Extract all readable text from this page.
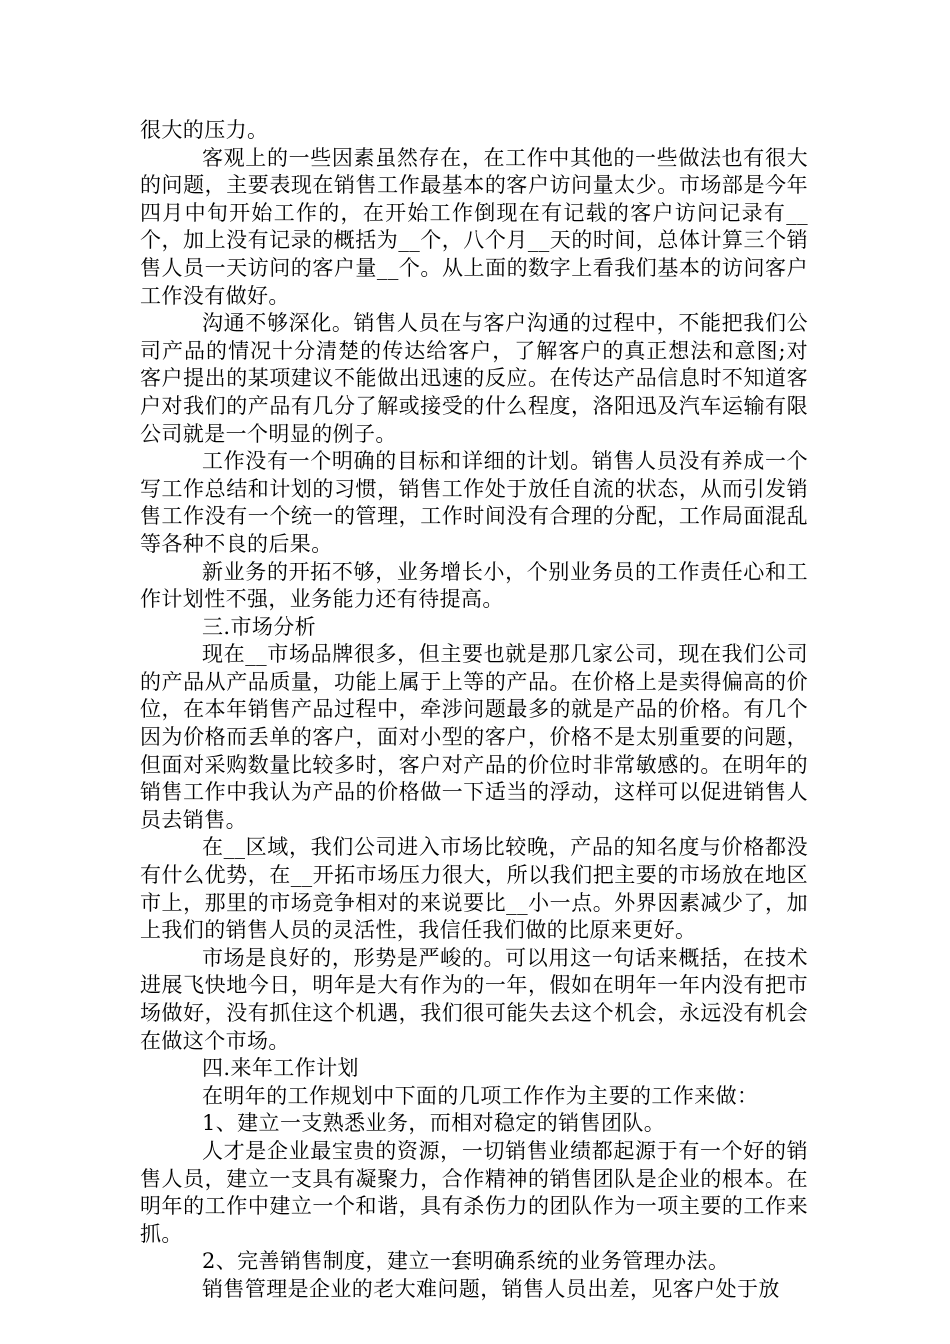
很大的压力。

客观上的一些因素虽然存在，在工作中其他的一些做法也有很大的问题，主要表现在销售工作最基本的客户访问量太少。市场部是今年四月中旬开始工作的，在开始工作倒现在有记载的客户访问记录有__个，加上没有记录的概括为__个，八个月__天的时间，总体计算三个销售人员一天访问的客户量__个。从上面的数字上看我们基本的访问客户工作没有做好。

沟通不够深化。销售人员在与客户沟通的过程中，不能把我们公司产品的情况十分清楚的传达给客户，了解客户的真正想法和意图;对客户提出的某项建议不能做出迅速的反应。在传达产品信息时不知道客户对我们的产品有几分了解或接受的什么程度，洛阳迅及汽车运输有限公司就是一个明显的例子。

工作没有一个明确的目标和详细的计划。销售人员没有养成一个写工作总结和计划的习惯，销售工作处于放任自流的状态，从而引发销售工作没有一个统一的管理，工作时间没有合理的分配，工作局面混乱等各种不良的后果。

新业务的开拓不够，业务增长小，个别业务员的工作责任心和工作计划性不强，业务能力还有待提高。

三.市场分析

现在__市场品牌很多，但主要也就是那几家公司，现在我们公司的产品从产品质量，功能上属于上等的产品。在价格上是卖得偏高的价位，在本年销售产品过程中，牵涉问题最多的就是产品的价格。有几个因为价格而丢单的客户，面对小型的客户，价格不是太别重要的问题，但面对采购数量比较多时，客户对产品的价位时非常敏感的。在明年的销售工作中我认为产品的价格做一下适当的浮动，这样可以促进销售人员去销售。

在__区域，我们公司进入市场比较晚，产品的知名度与价格都没有什么优势，在__开拓市场压力很大，所以我们把主要的市场放在地区市上，那里的市场竞争相对的来说要比__小一点。外界因素减少了，加上我们的销售人员的灵活性，我信任我们做的比原来更好。

市场是良好的，形势是严峻的。可以用这一句话来概括，在技术进展飞快地今日，明年是大有作为的一年，假如在明年一年内没有把市场做好，没有抓住这个机遇，我们很可能失去这个机会，永远没有机会在做这个市场。

四.来年工作计划

在明年的工作规划中下面的几项工作作为主要的工作来做：

1、建立一支熟悉业务，而相对稳定的销售团队。

人才是企业最宝贵的资源，一切销售业绩都起源于有一个好的销售人员，建立一支具有凝聚力，合作精神的销售团队是企业的根本。在明年的工作中建立一个和谐，具有杀伤力的团队作为一项主要的工作来抓。

2、完善销售制度，建立一套明确系统的业务管理办法。

销售管理是企业的老大难问题，销售人员出差，见客户处于放
